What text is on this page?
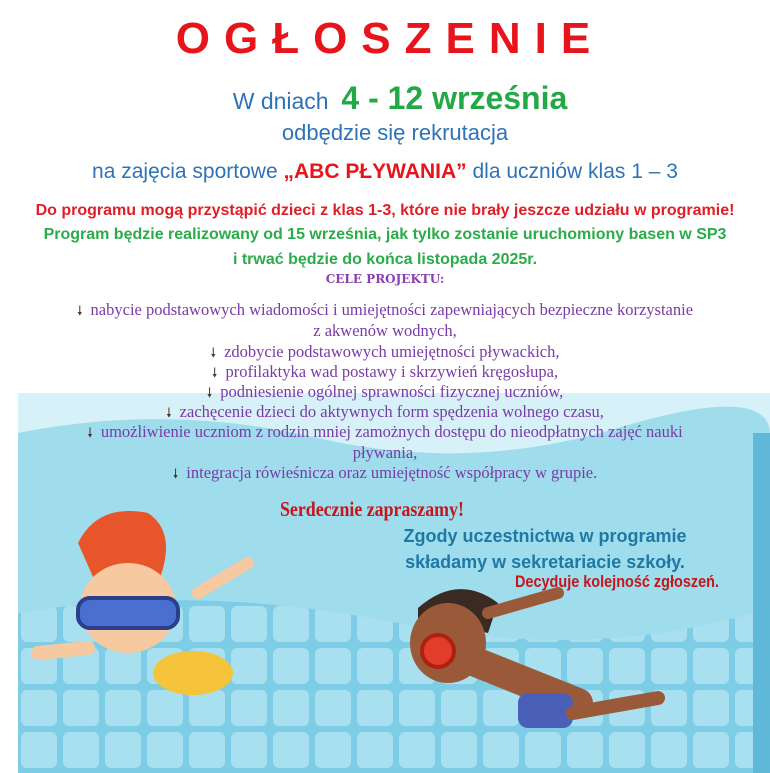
OGŁOSZENIE
W dniach 4 - 12 września
odbędzie się rekrutacja
na zajęcia sportowe „ABC PŁYWANIA” dla uczniów klas 1 – 3
Do programu mogą przystąpić dzieci z klas 1-3, które nie brały jeszcze udziału w programie!
Program będzie realizowany od 15 września, jak tylko zostanie uruchomiony basen w SP3
i trwać będzie do końca listopada 2025r.
CELE PROJEKTU:
🠗 nabycie podstawowych wiadomości i umiejętności zapewniających bezpieczne korzystanie
z akwenów wodnych,
🠗 zdobycie podstawowych umiejętności pływackich,
🠗 profilaktyka wad postawy i skrzywień kręgosłupa,
🠗 podniesienie ogólnej sprawności fizycznej uczniów,
🠗 zachęcenie dzieci do aktywnych form spędzenia wolnego czasu,
🠗 umożliwienie uczniom z rodzin mniej zamożnych dostępu do nieodpłatnych zajęć nauki
pływania,
🠗 integracja rówieśnicza oraz umiejętność współpracy w grupie.
Serdecznie zapraszamy!
Zgody uczestnictwa w programie
składamy w sekretariacie szkoły.
Decyduje kolejność zgłoszeń.
